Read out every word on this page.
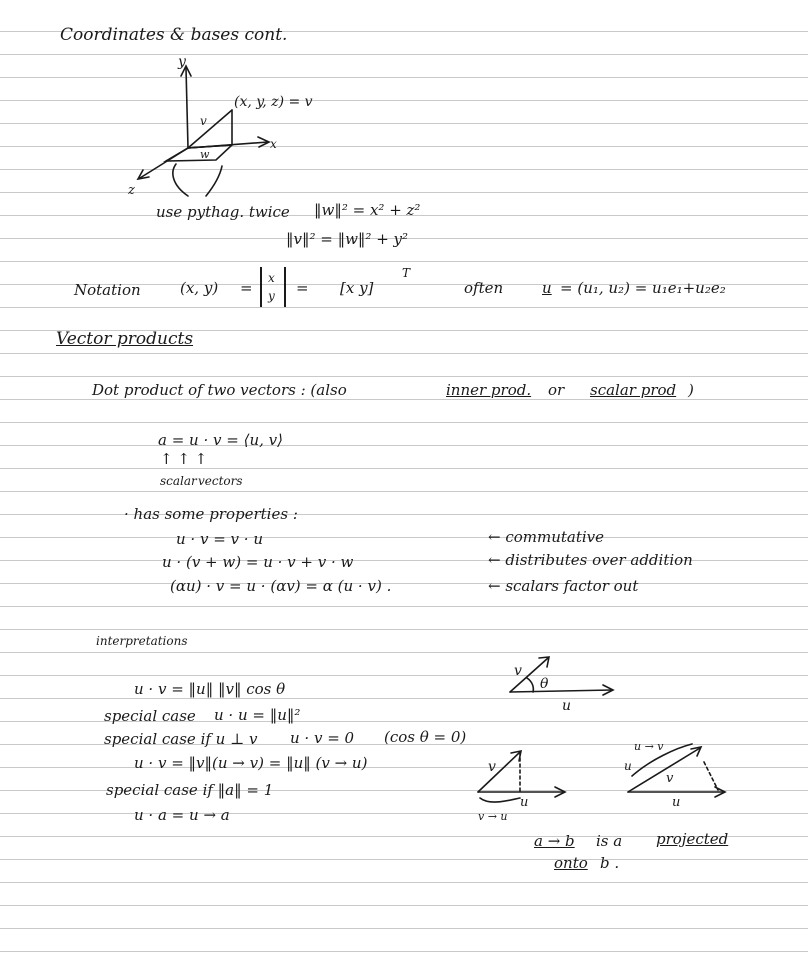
Coordinates & bases cont.
y
x
z
(x, y, z) = v
v
w
use pythag. twice ‖w‖² = x² + z²
‖v‖² = ‖w‖² + y²
Notation	(x, y) =
x
y = [x y]
T
often	u = (u₁, u₂) = u₁e₁+u₂e₂
Vector products
Dot product of two vectors : (also	inner prod. or scalar prod )
a = u · v = ⟨u, v⟩
↑ ↑ ↑
scalar vectors
· has some properties :
u · v = v · u	← commutative
u · (v + w) = u · v + v · w	← distributes over addition
(αu) · v = u · (αv) = α (u · v) .	← scalars factor out
interpretations
u · v = ‖u‖ ‖v‖ cos θ
special case u · u = ‖u‖²
special case if u ⊥ v u · v = 0 (cos θ = 0)
u · v = ‖v‖(u → v) = ‖u‖ (v → u)
special case if ‖a‖ = 1
u · a = u → a
v
θ
u
v
u
v → u
u → v
v
u
u
a → b is a projected
onto b .
